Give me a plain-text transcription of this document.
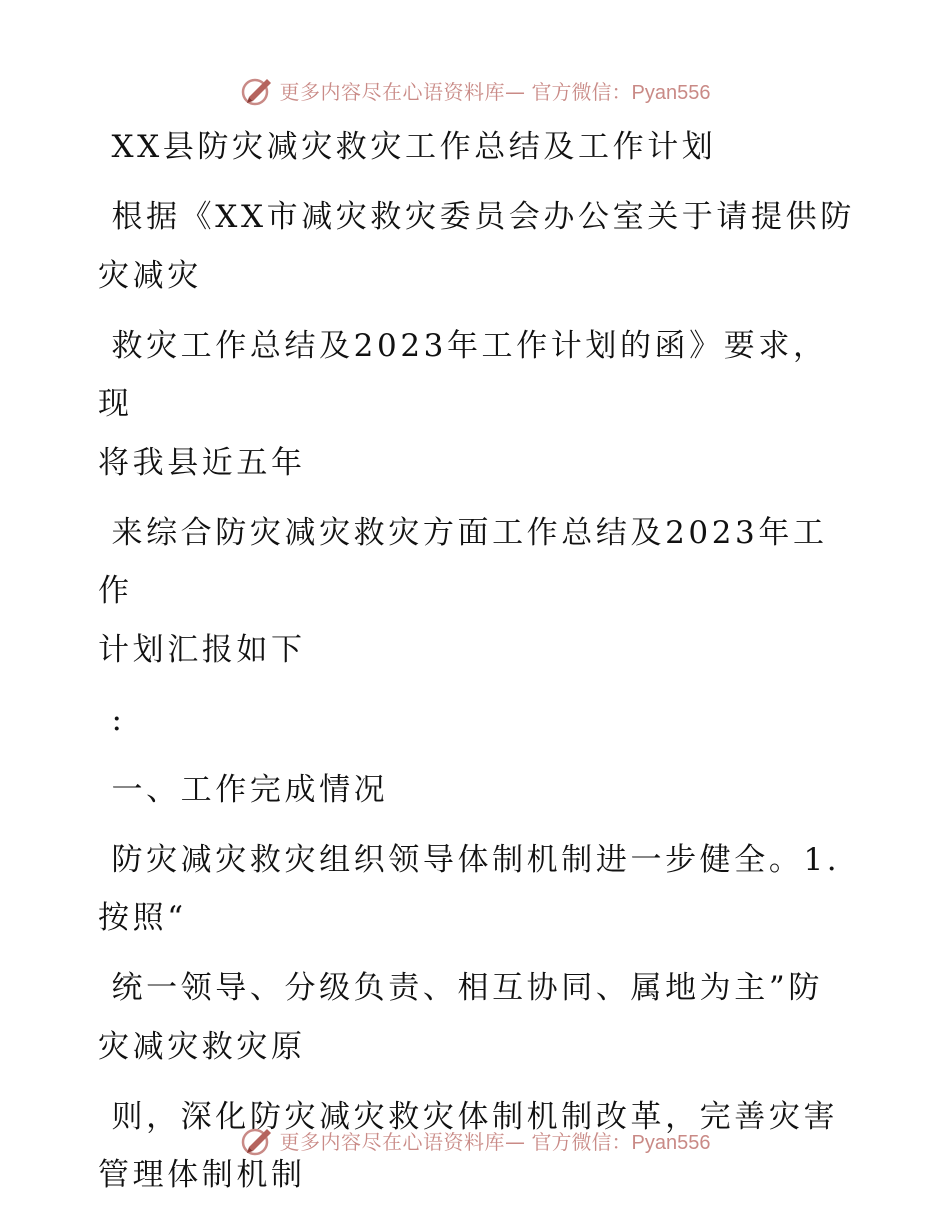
更多内容尽在心语资料库— 官方微信：Pyan556

XX县防灾减灾救灾工作总结及工作计划

根据《XX市减灾救灾委员会办公室关于请提供防

灾减灾

救灾工作总结及2023年工作计划的函》要求，现

将我县近五年

来综合防灾减灾救灾方面工作总结及2023年工作

计划汇报如下

:

一、工作完成情况

防灾减灾救灾组织领导体制机制进一步健全。1.

按照“

统一领导、分级负责、相互协同、属地为主”防

灾减灾救灾原

则，深化防灾减灾救灾体制机制改革，完善灾害

管理体制机制

更多内容尽在心语资料库— 官方微信：Pyan556
